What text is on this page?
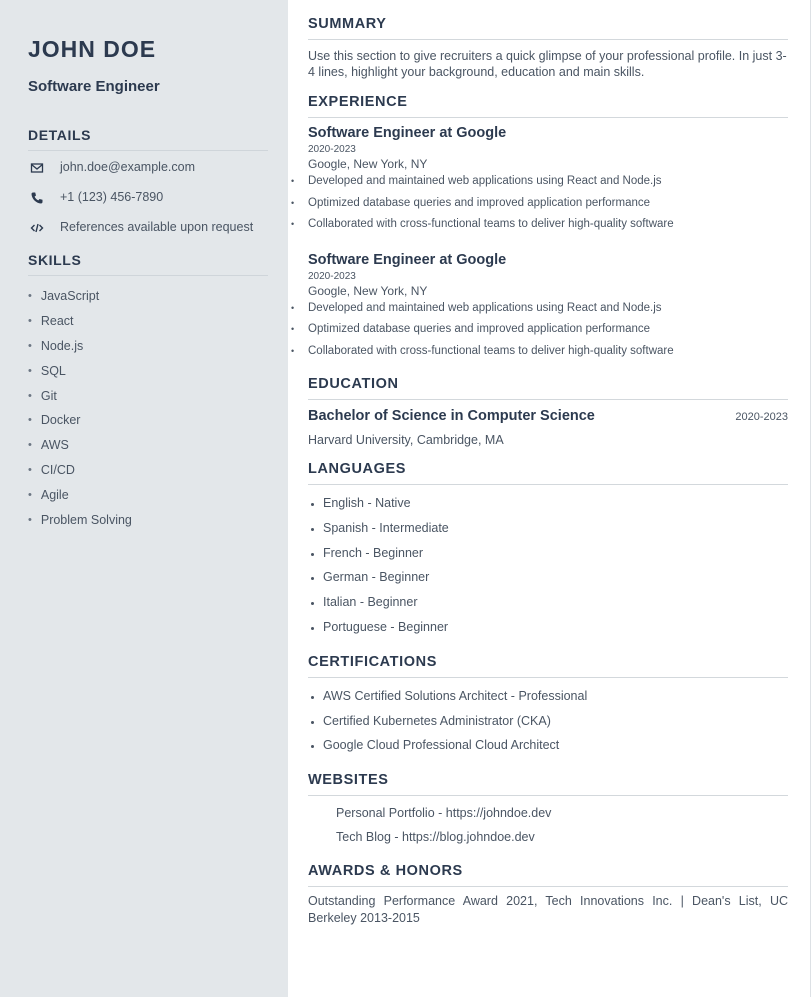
JOHN DOE
Software Engineer
DETAILS
john.doe@example.com
+1 (123) 456-7890
References available upon request
SKILLS
• JavaScript
• React
• Node.js
• SQL
• Git
• Docker
• AWS
• CI/CD
• Agile
• Problem Solving
SUMMARY
Use this section to give recruiters a quick glimpse of your professional profile. In just 3-4 lines, highlight your background, education and main skills.
EXPERIENCE
Software Engineer at Google
2020-2023
Google, New York, NY
• Developed and maintained web applications using React and Node.js
• Optimized database queries and improved application performance
• Collaborated with cross-functional teams to deliver high-quality software
Software Engineer at Google
2020-2023
Google, New York, NY
• Developed and maintained web applications using React and Node.js
• Optimized database queries and improved application performance
• Collaborated with cross-functional teams to deliver high-quality software
EDUCATION
Bachelor of Science in Computer Science	2020-2023
Harvard University, Cambridge, MA
LANGUAGES
• English - Native
• Spanish - Intermediate
• French - Beginner
• German - Beginner
• Italian - Beginner
• Portuguese - Beginner
CERTIFICATIONS
• AWS Certified Solutions Architect - Professional
• Certified Kubernetes Administrator (CKA)
• Google Cloud Professional Cloud Architect
WEBSITES
Personal Portfolio - https://johndoe.dev
Tech Blog - https://blog.johndoe.dev
AWARDS & HONORS
Outstanding Performance Award 2021, Tech Innovations Inc. | Dean's List, UC Berkeley 2013-2015
